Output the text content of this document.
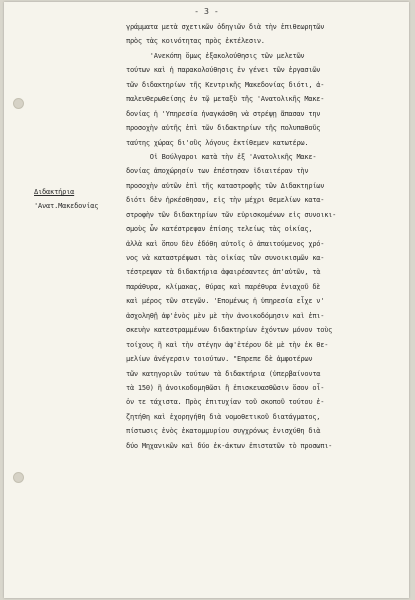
- 3 -
Διδακτήρια
'Ανατ.Μακεδονίας
γράμματα μετὰ σχετικῶν ὁδηγιῶν διὰ τὴν ἐπιθεωρητῶν
πρὸς τὰς κοινότητας πρὸς ἐκτέλεσιν.
'Ανεκόπη ὅμως ἐξακολούθησις τῶν μελετῶν
τούτων καὶ ἡ παρακολούθησις ἐν γένει τῶν ἐργασιῶν
τῶν διδακτηρίων τῆς Κεντρικῆς Μακεδονίας διότι, ἀ-
παλευθερωθείσης ἐν τῷ μεταξὺ τῆς 'Ανατολικῆς Μακε-
δονίας ἡ 'Υπηρεσία ἠναγκάσθη νὰ στρέψῃ ἅπασαν την
προσοχὴν αὐτῆς ἐπὶ τῶν διδακτηρίων τῆς πολυπαθοῦς
ταύτης χώρας δι'οὓς λόγους ἐκτίθεμεν κατωτέρω.
Οἱ Βούλγαροι κατὰ τὴν ἐξ 'Ανατολικῆς Μακε-
δονίας ἀποχώρησίν των ἐπέστησαν ἰδιαιτέραν τὴν
προσοχὴν αὐτῶν ἐπὶ τῆς καταστροφῆς τῶν Διδακτηρίων
διότι δὲν ἠρκέσθησαν, εἰς τὴν μέχρι θεμελίων κατα-
στροφὴν τῶν διδακτηρίων τῶν εὐρισκομένων εἰς συνοικι-
σμοὺς ὧν κατέστρεψαν ἐπίσης τελείως τὰς οἰκίας,
ἀλλὰ καὶ ὅπου δὲν ἐδόθη αὐτοῖς ὁ ἀπαιτούμενος χρό-
νος νὰ καταστρέψωσι τὰς οἰκίας τῶν συνοικισμῶν κα-
τέστρεψαν τὰ διδακτήρια ἀφαιρέσαντες ἀπ'αὐτῶν, τὰ
παράθυρα, κλίμακας, θύρας καὶ παρέθυρα ἐνιαχοῦ δὲ
καὶ μέρος τῶν στεγῶν. 'Επομένως ἡ ὑπηρεσία εἶχε ν'
ἀσχοληθῇ ἀφ'ἑνὸς μὲν μὲ τὴν ἀνοικοδόμησιν καὶ ἐπι-
σκευὴν κατεστραμμένων διδακτηρίων ἐχόντων μόνον τοὺς
τοίχους ἢ καὶ τὴν στέγην ἀφ'ἑτέρου δὲ μὲ τὴν ἐκ θε-
μελίων ἀνέγερσιν τοιούτων. "Επρεπε δὲ ἀμφοτέρων
τῶν κατηγοριῶν τούτων τὰ διδακτήρια (ὑπερβαίνοντα
τὰ 150) ἢ ἀνοικοδομηθῶσι ἢ ἐπισκευασθῶσιν ὅσον οἷ-
ὀν τε τάχιστα. Πρὸς ἐπιτυχίαν τοῦ σκοποῦ τούτου ἐ-
ζητήθη καὶ ἐχορηγήθη διὰ νομοθετικοῦ διατάγματος,
πίστωσις ἑνὸς ἑκατομμυρίου συγχρόνως ἐνισχύθη διὰ
δύο Μηχανικῶν καὶ δύο ἐκ-άκτων ἐπιστατῶν τὸ προσωπι-
